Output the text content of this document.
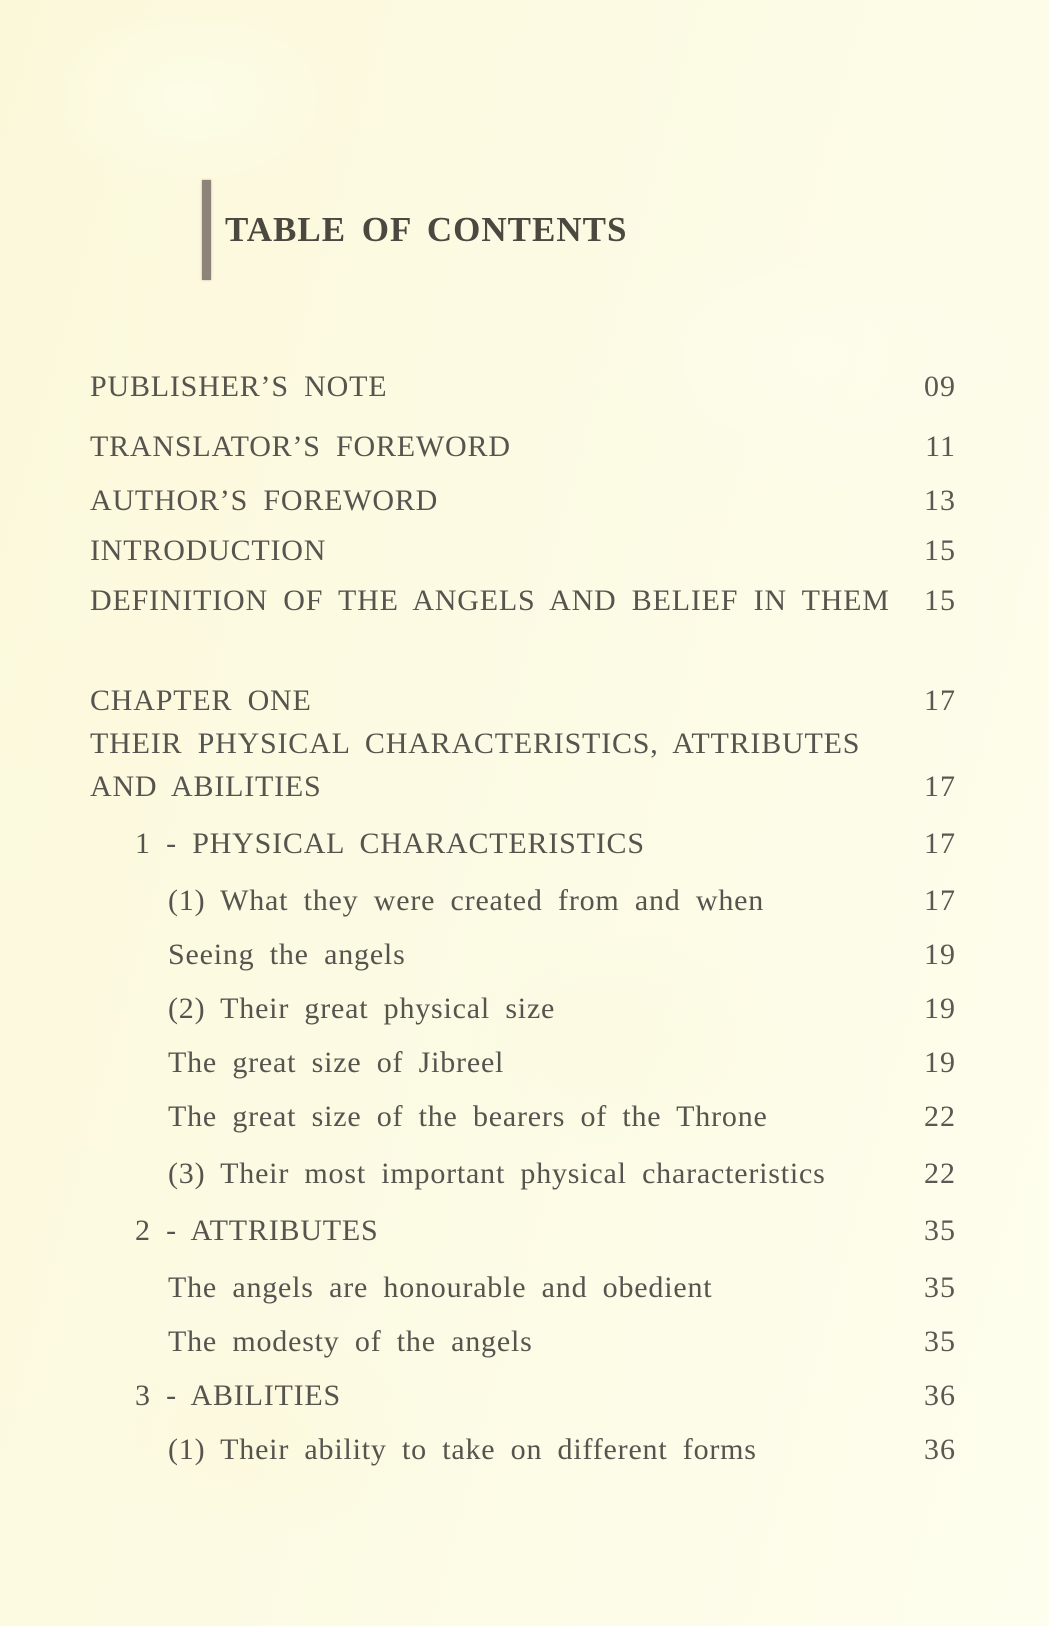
TABLE OF CONTENTS
PUBLISHER’S NOTE	09
TRANSLATOR’S FOREWORD	11
AUTHOR’S FOREWORD	13
INTRODUCTION	15
DEFINITION OF THE ANGELS AND BELIEF IN THEM	15
CHAPTER ONE	17
THEIR PHYSICAL CHARACTERISTICS, ATTRIBUTES
AND ABILITIES	17
1 - PHYSICAL CHARACTERISTICS	17
(1) What they were created from and when	17
Seeing the angels	19
(2) Their great physical size	19
The great size of Jibreel	19
The great size of the bearers of the Throne	22
(3) Their most important physical characteristics	22
2 - ATTRIBUTES	35
The angels are honourable and obedient	35
The modesty of the angels	35
3 - ABILITIES	36
(1) Their ability to take on different forms	36
